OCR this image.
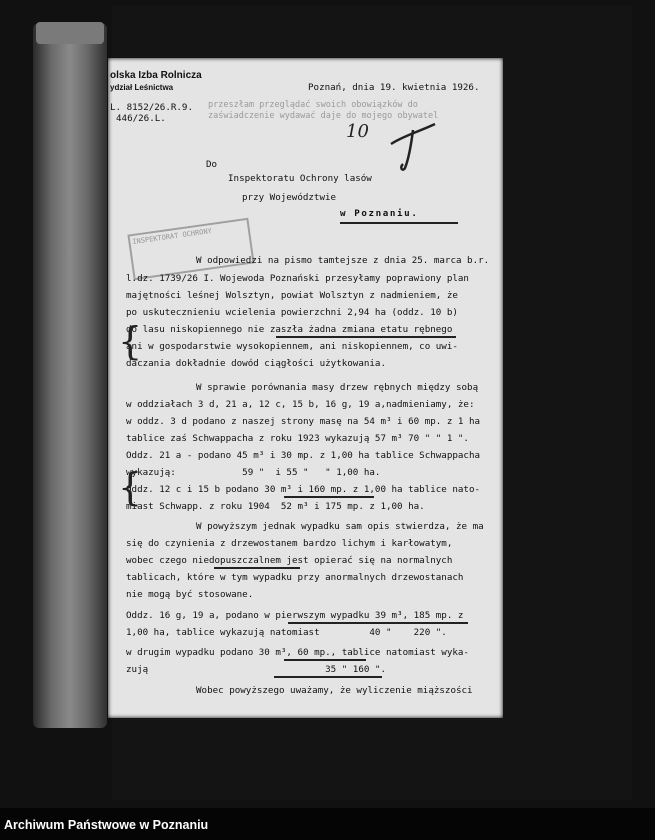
olska Izba Rolnicza
ydział Leśnictwa	Poznań, dnia 19. kwietnia 1926.
L. 8152/26.R.9.
446/26.L.
przeszłam przeglądać swoich obowiązków do
zaświadczenie wydawać daje do mojego obywatel
10
Do
Inspektoratu Ochrony lasów
przy Województwie
w Poznaniu.
INSPEKTORAT OCHRONY
W odpowiedzi na pismo tamtejsze z dnia 25. marca b.r.
l.dz. 1739/26 I. Wojewoda Poznański przesyłamy poprawiony plan
majętności leśnej Wolsztyn, powiat Wolsztyn z nadmieniem, że
po uskutecznieniu wcielenia powierzchni 2,94 ha (oddz. 10 b)
do lasu niskopiennego nie zaszła żadna zmiana etatu rębnego
ani w gospodarstwie wysokopiennem, ani niskopiennem, co uwi-
daczania dokładnie dowód ciągłości użytkowania.
{
W sprawie porównania masy drzew rębnych między sobą
w oddziałach 3 d, 21 a, 12 c, 15 b, 16 g, 19 a,nadmieniamy, że:
w oddz. 3 d podano z naszej strony masę na 54 m³ i 60 mp. z 1 ha
tablice zaś Schwappacha z roku 1923 wykazują 57 m³ 70 " " 1 ".
Oddz. 21 a - podano 45 m³ i 30 mp. z 1,00 ha tablice Schwappacha
wykazują:            59 "  i 55 "   " 1,00 ha.
Oddz. 12 c i 15 b podano 30 m³ i 160 mp. z 1,00 ha tablice nato-
miast Schwapp. z roku 1904  52 m³ i 175 mp. z 1,00 ha.
{
W powyższym jednak wypadku sam opis stwierdza, że ma
się do czynienia z drzewostanem bardzo lichym i karłowatym,
wobec czego niedopuszczalnem jest opierać się na normalnych
tablicach, które w tym wypadku przy anormalnych drzewostanach
nie mogą być stosowane.
Oddz. 16 g, 19 a, podano w pierwszym wypadku 39 m³, 185 mp. z
1,00 ha, tablice wykazują natomiast         40 "    220 ".
w drugim wypadku podano 30 m³, 60 mp., tablice natomiast wyka-
zują                                35 " 160 ".
Wobec powyższego uważamy, że wyliczenie miąższości
Archiwum Państwowe w Poznaniu
